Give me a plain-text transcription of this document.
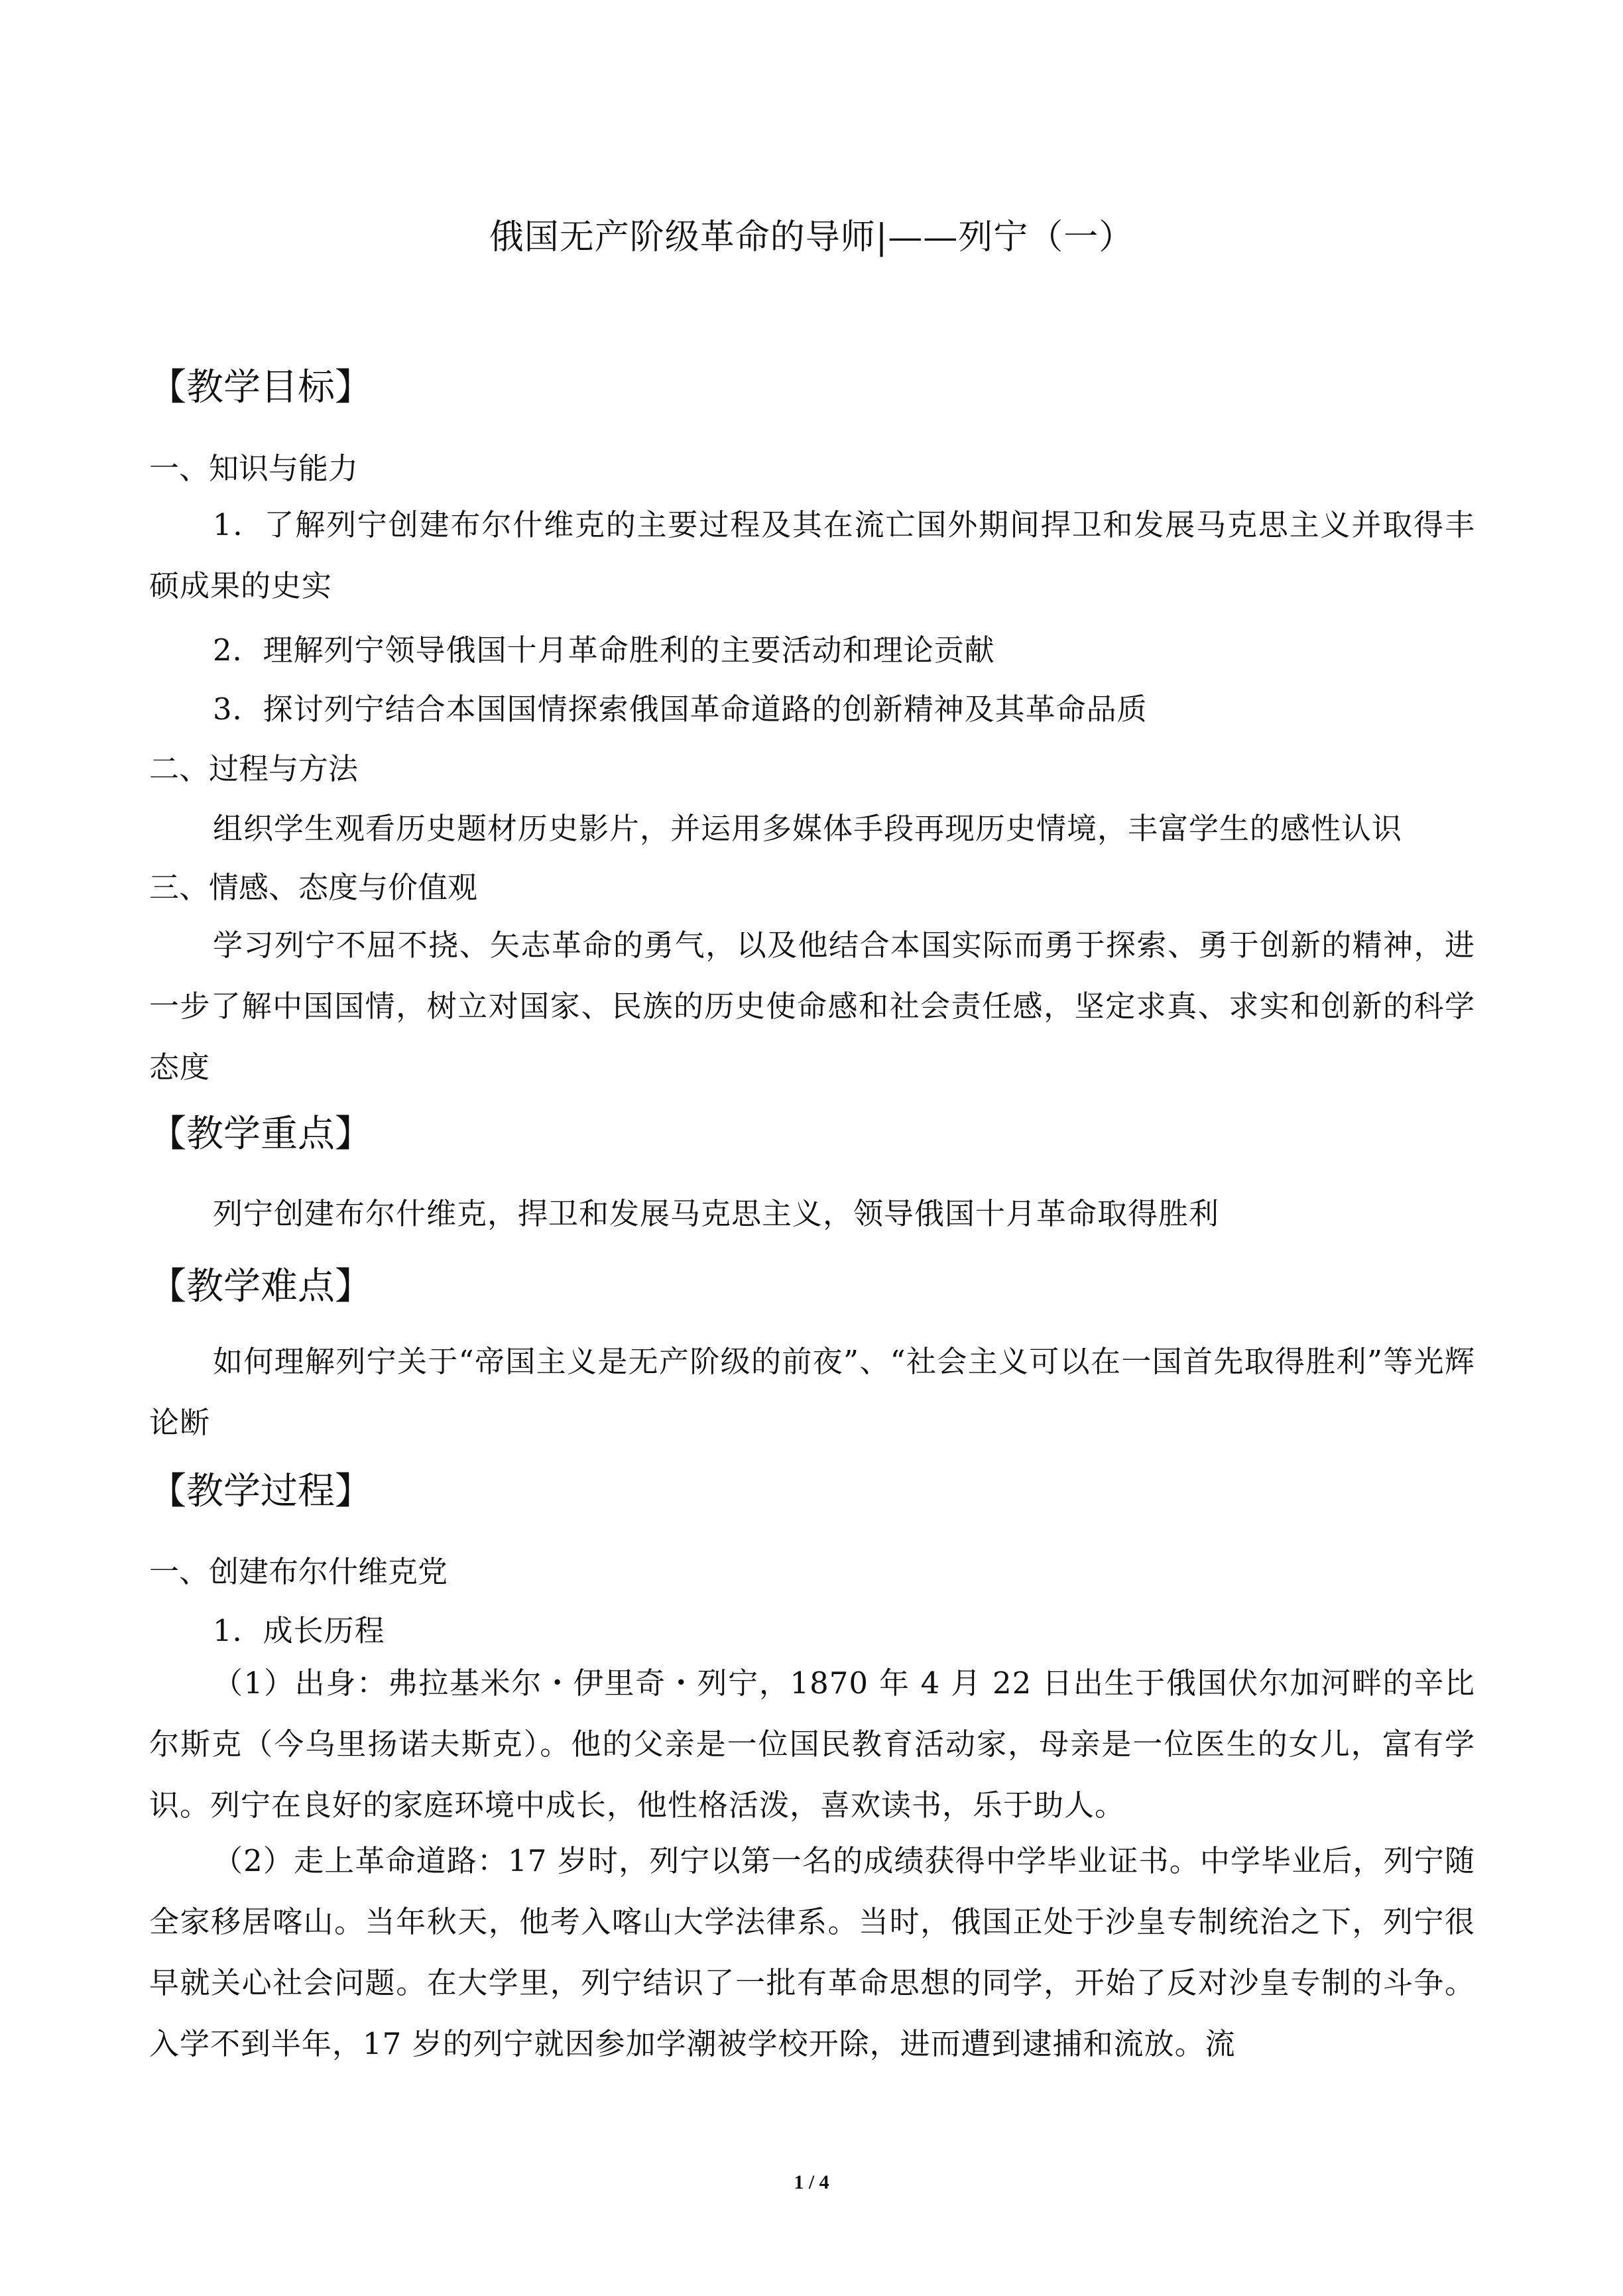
俄国无产阶级革命的导师|——列宁（一）
【教学目标】
一、知识与能力
1．了解列宁创建布尔什维克的主要过程及其在流亡国外期间捍卫和发展马克思主义并取得丰硕成果的史实
2．理解列宁领导俄国十月革命胜利的主要活动和理论贡献
3．探讨列宁结合本国国情探索俄国革命道路的创新精神及其革命品质
二、过程与方法
组织学生观看历史题材历史影片，并运用多媒体手段再现历史情境，丰富学生的感性认识
三、情感、态度与价值观
学习列宁不屈不挠、矢志革命的勇气，以及他结合本国实际而勇于探索、勇于创新的精神，进一步了解中国国情，树立对国家、民族的历史使命感和社会责任感，坚定求真、求实和创新的科学态度
【教学重点】
列宁创建布尔什维克，捍卫和发展马克思主义，领导俄国十月革命取得胜利
【教学难点】
如何理解列宁关于“帝国主义是无产阶级的前夜”、“社会主义可以在一国首先取得胜利”等光辉论断
【教学过程】
一、创建布尔什维克党
1．成长历程
（1）出身：弗拉基米尔・伊里奇・列宁，1870 年 4 月 22 日出生于俄国伏尔加河畔的辛比尔斯克（今乌里扬诺夫斯克）。他的父亲是一位国民教育活动家，母亲是一位医生的女儿，富有学识。列宁在良好的家庭环境中成长，他性格活泼，喜欢读书，乐于助人。
（2）走上革命道路：17 岁时，列宁以第一名的成绩获得中学毕业证书。中学毕业后，列宁随全家移居喀山。当年秋天，他考入喀山大学法律系。当时，俄国正处于沙皇专制统治之下，列宁很早就关心社会问题。在大学里，列宁结识了一批有革命思想的同学，开始了反对沙皇专制的斗争。入学不到半年，17 岁的列宁就因参加学潮被学校开除，进而遭到逮捕和流放。流
1 / 4
